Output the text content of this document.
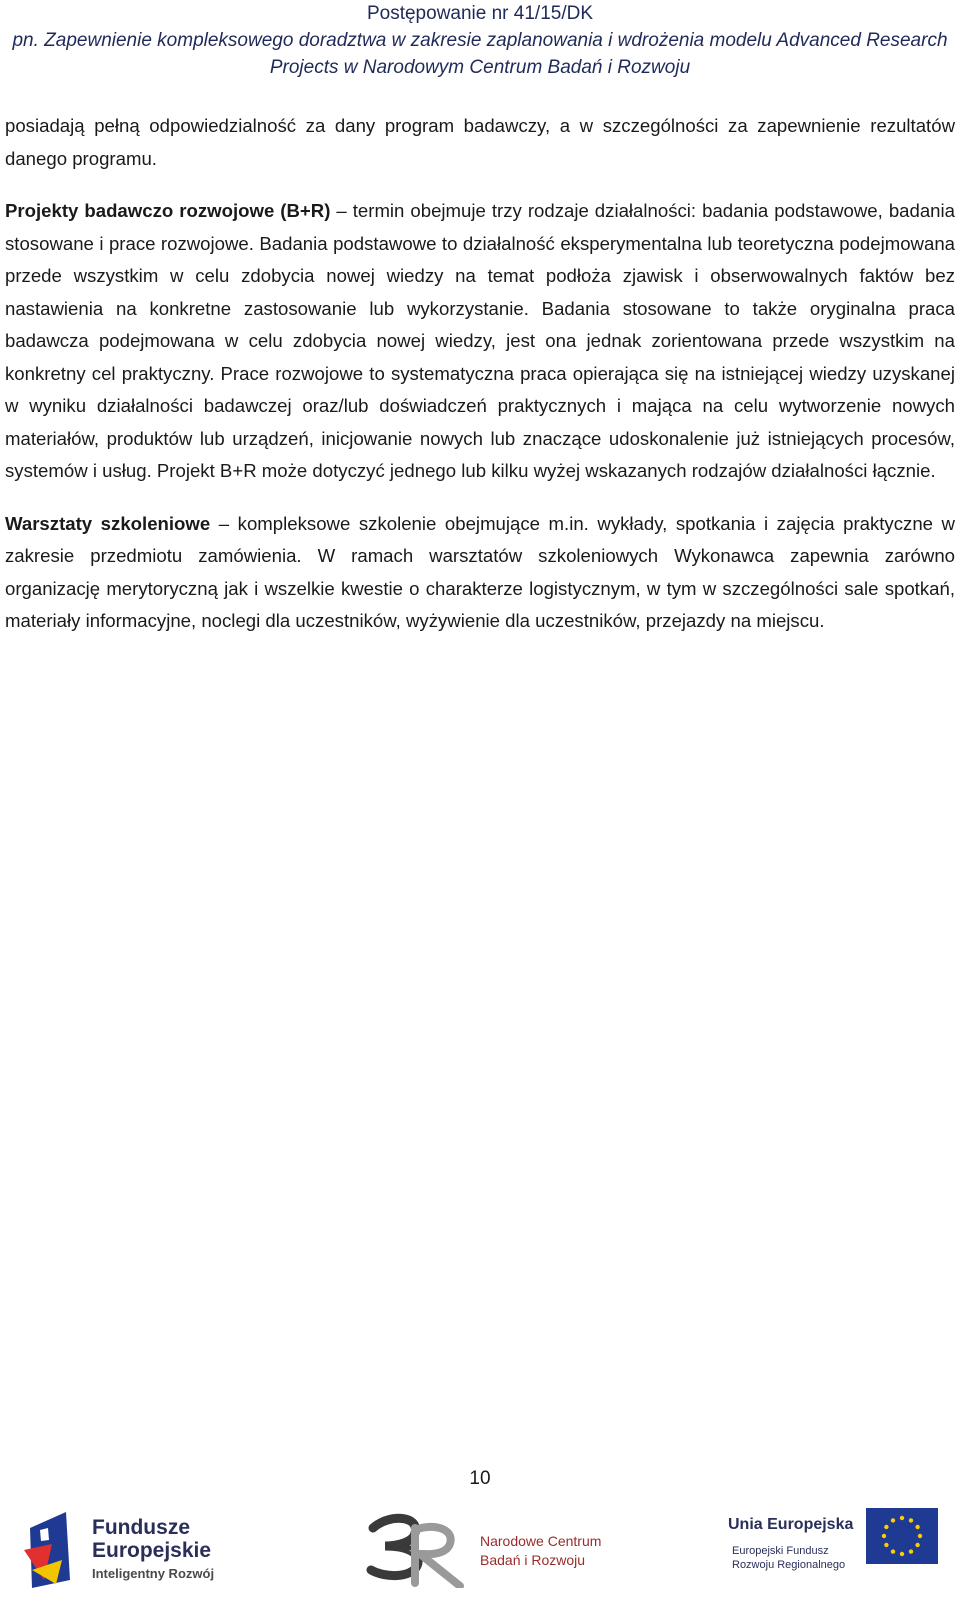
Postępowanie nr 41/15/DK
pn. Zapewnienie kompleksowego doradztwa w zakresie zaplanowania i wdrożenia modelu Advanced Research Projects w Narodowym Centrum Badań i Rozwoju

posiadają pełną odpowiedzialność za dany program badawczy, a w szczególności za zapewnienie rezultatów danego programu.

Projekty badawczo rozwojowe (B+R) – termin obejmuje trzy rodzaje działalności: badania podstawowe, badania stosowane i prace rozwojowe. Badania podstawowe to działalność eksperymentalna lub teoretyczna podejmowana przede wszystkim w celu zdobycia nowej wiedzy na temat podłoża zjawisk i obserwowalnych faktów bez nastawienia na konkretne zastosowanie lub wykorzystanie. Badania stosowane to także oryginalna praca badawcza podejmowana w celu zdobycia nowej wiedzy, jest ona jednak zorientowana przede wszystkim na konkretny cel praktyczny. Prace rozwojowe to systematyczna praca opierająca się na istniejącej wiedzy uzyskanej w wyniku działalności badawczej oraz/lub doświadczeń praktycznych i mająca na celu wytworzenie nowych materiałów, produktów lub urządzeń, inicjowanie nowych lub znaczące udoskonalenie już istniejących procesów, systemów i usług. Projekt B+R może dotyczyć jednego lub kilku wyżej wskazanych rodzajów działalności łącznie.

Warsztaty szkoleniowe – kompleksowe szkolenie obejmujące m.in. wykłady, spotkania i zajęcia praktyczne w zakresie przedmiotu zamówienia. W ramach warsztatów szkoleniowych Wykonawca zapewnia zarówno organizację merytoryczną jak i wszelkie kwestie o charakterze logistycznym, w tym w szczególności sale spotkań, materiały informacyjne, noclegi dla uczestników, wyżywienie dla uczestników, przejazdy na miejscu.

10
Fundusze
Europejskie
Inteligentny Rozwój
Narodowe Centrum
Badań i Rozwoju
Unia Europejska
Europejski Fundusz
Rozwoju Regionalnego
